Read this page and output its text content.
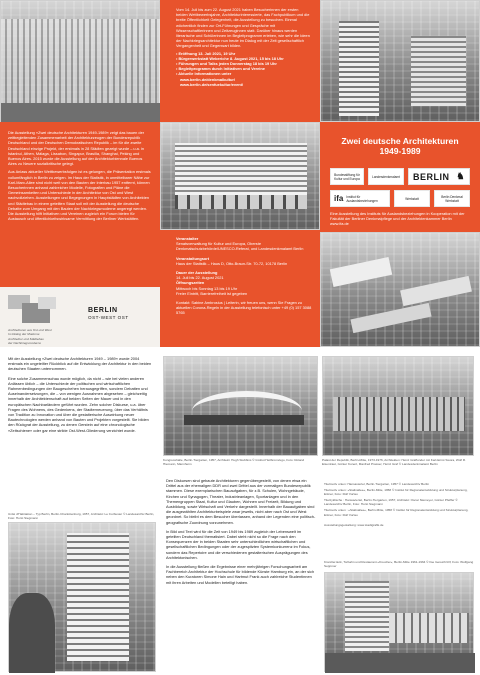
Vom 14. Juli bis zum 22. August 2021 haben Besucherinnen der ersten beiden Wettbewerbsjahre, Architekturinteressierte, das Fachpublikum und die breite Öffentlichkeit Gelegenheit, die Ausstellung zu besuchen. Einmal wöchentlich finden zur Ort-Führungen und Gespräche mit Wissenschaftlerinnen und Zeitzeuginnen statt. Darüber hinaus werden literarische und Schülerinnen im Begleitprogramm erleben, wie sehr die Ideen der Nachkriegsarchitektur nun heute im Dialog mit der Zeit gesellschaftlich Vergangenheit und Gegenwart bilden.
• Eröffnung 13. Juli 2021, 19 Uhr
• Bürgerwerkstatt Weberiche 8. August 2021, 15 bis 18 Uhr
• Führungen und Talks jeden Donnerstag 18 bis 19 Uhr
• Begleitprogramm durch Initiativen und Vereine
• Aktuelle Informationen unter
www.berlin.de/denkmalkultur/
www.berlin.de/senfuekultur/event/
Die Ausstellung »Zwei deutsche Architekturen 1949-1989« zeigt das bauen der zeitbegleitenden Zusammenarbeit der Architekturzeugen der Bundesrepublik Deutschland und der Deutschen Demokratischen Republik – im für die zweite Deutschland einzige Projekt, der erstmals in 28 Städten gezeigt wurde – u.a. in Istanbul, Athen, Málaga, Lissabon, Singapur, Brasília, Shanghai, Peking und Buenos Aires. 2015 wurde die Ausstellung auf der Architekturbiennale Buenos Aires zu Neuere sozialkritische gelegt.
Aus Anlass aktueller Wettbewerbsfolgen ist es gelungen, die Präsentation erstmals vollumfänglich in Berlin zu zeigen. Im Haus der Statistik, in unmittelbarer Nähe zur Karl-Marx-Allee sind nicht weit von den Bauten der Interbau 1957 entfernt, können Besucherinnen anhand zahlreicher Modelle, Fotografien und Pläne die Gemeinsamkeiten und Unterschiede in der Architektur von Ost und West nachvollziehen. Ausstellungen und Begegnungen in Hauptstädten von Architekten und Städtebau in einem geteilten Staat soll mit der Ausstellung die deutsche Debatte zum Umgang mit den Bauten der Nachkriegsmoderne angeregt werden. Die Ausstellung hilft Initiativen und Vereinen zugleich ein Forum bieten für Austausch und öffentlichkeitswirksame Vermittlung der Berliner Werkstätten.
BERLIN
OST-WEST OST
Architekturen aus Ost und West
Im Dialog der Moderne
Architektur und Städtebau
der Nachkriegsmoderne
Veranstalter
Senatsverwaltung für Kultur und Europa, Oberste Denkmalschutzbehörde/UNESCO-Referat, und Landesdenkmalamt Berlin
Veranstaltungsort
Haus der Statistik – Haus D, Otto-Braun-Str. 70-72, 10178 Berlin
Dauer der Ausstellung
14. Juli bis 22. August 2021
Öffnungszeiten
Mittwoch bis Sonntag 13 bis 19 Uhr
Freier Eintritt, Barrierefreiheit ist gegeben
Kontakt: Sabine Ambrosius | Leiterin, wir freuen uns, wenn Sie Fragen zu aktuellen Corona-Regeln in der Ausstellung telefonisch unter +49 (0) 157 3088 5765
Zwei deutsche Architekturen
1949-1989
Bundesstiftung für Kultur und Europa	Landesdenkmalamt BERLIN ♞
ifa Institut für Auslandsbeziehungen	Werkstatt	Berlin Denkmal Werkstatt
Eine Ausstellung des Instituts für Auslandsbeziehungen in Kooperation mit der Fakultät der Berliner Denkmalpflege und der Architektenkammer Berlin www.ifa.de
Mit der Ausstellung »Zwei deutsche Architekturen 1949 – 1989« wurde 2004 erstmals ein ungeteilter Rückblick auf die Entwicklung der Architektur in den beiden deutschen Staaten unternommen.
Eine solche Zusammenschau wurde möglich, da nicht – wie bei vielen anderen Anlässen üblich – die Unterschiede der politischen und wirtschaftlichen Rahmenbedingungen der Baugeschehen herausgegriffen, sondern Debatten und Auseinandersetzungen, die – von wenigen Ausnahmen abgesehen – gleichzeitig innerhalb der Architektenschaft auf beiden Seiten der Mauer und in den europäischen Nachbarländern geführt wurden. Zehn solcher Diskurse, u.a. über Fragen des Wohnens, des Gedenkens, der Stadterneuerung, über das Verhältnis von Tradition zu Innovation und über die gestalterische Auswirkung neuer Bautechnologien werden anhand von Bauten und Projekten vorgestellt. Sie bilden den Rückgrat der Ausstellung, zu denen Gerstein auf eine chronologische »Zeitschiene« oder gar eine strikte Ost-West-Gliederung verzichtet wurde.
Kongresshalle, Berlin-Tiergarten, 1957, Architekt: Hugh Stubbins © Institut Heilbronn/ego, Foto: Roland Hiemann, Mannheim
Palast der Republik, Berlin-Mitte, 1973-1976, Architekten: Heinz Graffunder mit Karl-Ernst Swora, Wolf R. Eisentraut, Günter Kunert, Manfred Prasser, Heinz Graf © Landesdenkmalamt Berlin
Unité d'Habitation – Typ Berlin, Berlin-Charlottenburg, 1957, Architekt: Le Corbusier © Landesarchiv Berlin, Foto: Horst Siegmann
Den Diskursen sind gebaute Architekturen gegenübergestellt, von denen etwa ein Drittel aus der ehemaligen DDR und zwei Drittel aus der vormaligen Bundesrepublik stammen. Diese exemplarischen Bauaufgaben, für z.B. Schulen, Wohngebäude, Kirchen und Synagogen, Theater, Industrieanlagen, Sportanlagen und in den Themengruppen Staat, Kultur und Glauben, Wohnen und Freizeit, Bildung und Ausbildung, sowie Wirtschaft und Verkehr dargestellt. Innerhalb der Bauaufgaben sind die ausgewählten Architekturbeispiele zwar jeweils, nicht aber nach Ost und West geordnet. So bleibt es dem Besucher überlassen, anhand der Legenden eine politisch-geografische Zuordnung vorzunehmen.
In Bild und Text wird für die Zeit von 1949 bis 1989 zugleich der Lebenswelt im geteilten Deutschland thematisiert. Dabei steht nicht so die Frage nach den Konsequenzen der in beiden Staaten sehr unterschiedlichen wirtschaftlichen und gesellschaftlichen Bedingungen oder der zugespitzten Systemkonkurrenz im Fokus, sondern das Repertoire und die verschiedenen gestalterischen Ausprägungen des Architektonischen.
In die Ausstellung fließen die Ergebnisse einer mehrjährigen Forschungsarbeit am Fachbereich Architektur der Hochschule für bildende Künste Hamburg ein, an der sich neben den Kuratoren Simone Hain und Hartmut Frank auch zahlreiche Studentinnen mit ihren Arbeiten und Modellen beteiligt haben.
Titelmotiv unten: Hansaviertel, Berlin-Tiergarten, 1957 © Landesarchiv Berlin
Titelmotiv unten: »Stalinallee«, Berlin-Mitte, 1958 © Institut für Regionalentwicklung und Strukturplanung, Erkner, Foto: Rolf Vorlau
Titelzyklische : Hansaviertel, Berlin-Tiergarten, 1957, Architekt: Oscar Niemeyer, Günter Pfeiffer © Landesarchiv Berlin, Foto: Horst Siegmann
Titelmotiv unten : »Stalinallee«, Berlin-Mitte, 1958 © Institut für Regionalentwicklung und Strukturplanung, Erkner, Foto: Rolf Vorlau
Ausstellungsgestaltung: www.stadtgrafik.de
Kranzler-Eck, Torbahn und Restaurant »Kreuzler«, Berlin-Mitte 1961-1964 © Ilse Gereich/Ulf, Foto: Wolfgang Seppmer
